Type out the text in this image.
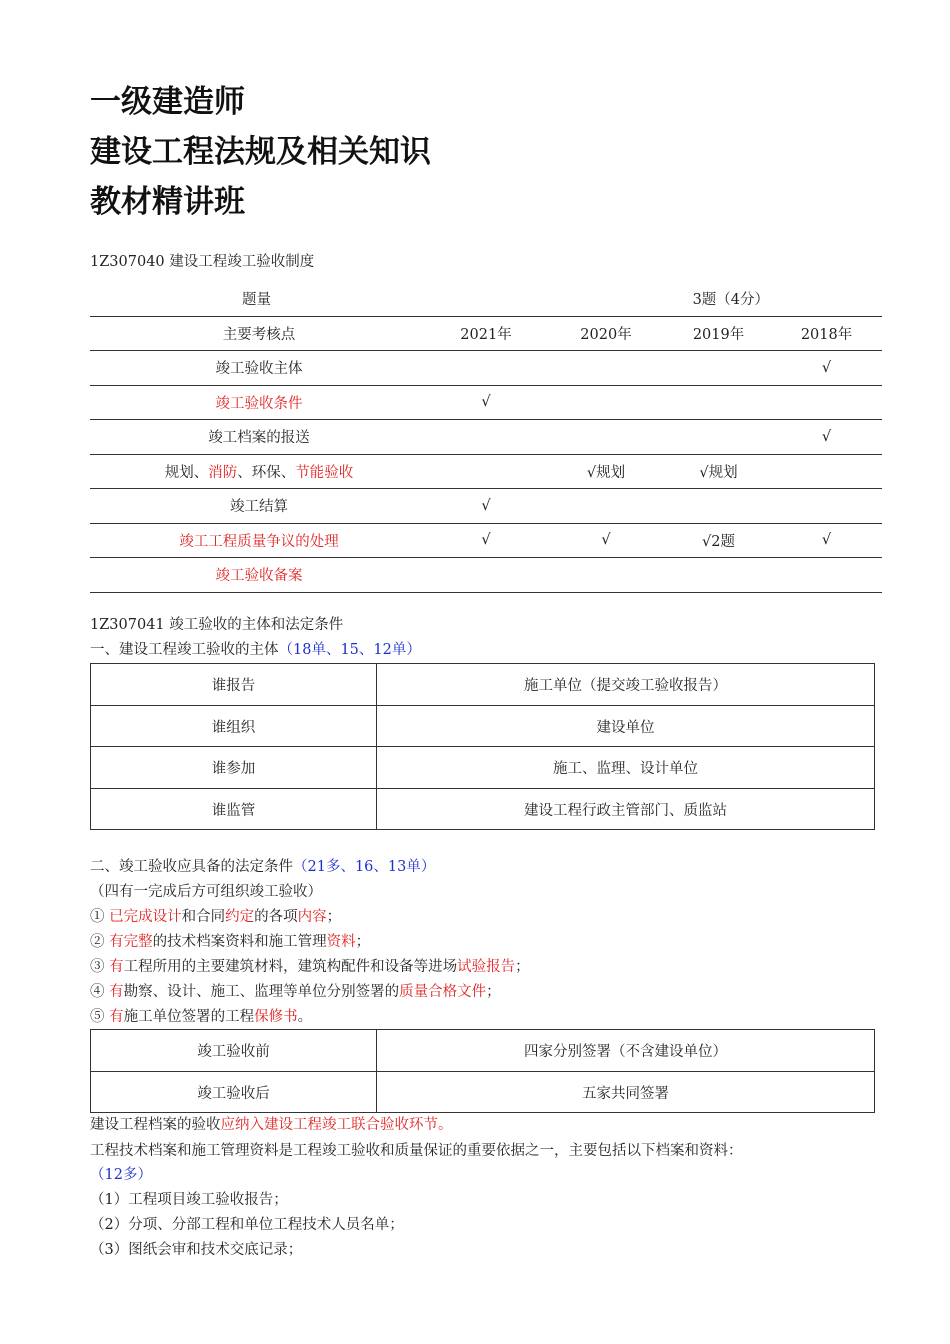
一级建造师
建设工程法规及相关知识
教材精讲班
1Z307040 建设工程竣工验收制度
题量	3题（4分）			
主要考核点	2021年	2020年	2019年	2018年
竣工验收主体				√
竣工验收条件	√			
竣工档案的报送				√
规划、消防、环保、节能验收		√规划	√规划	
竣工结算	√			
竣工工程质量争议的处理	√	√	√2题	√
竣工验收备案				
1Z307041 竣工验收的主体和法定条件
一、建设工程竣工验收的主体（18单、15、12单）
谁报告	施工单位（提交竣工验收报告）
谁组织	建设单位
谁参加	施工、监理、设计单位
谁监管	建设工程行政主管部门、质监站
二、竣工验收应具备的法定条件（21多、16、13单）
（四有一完成后方可组织竣工验收）
① 已完成设计和合同约定的各项内容；
② 有完整的技术档案资料和施工管理资料；
③ 有工程所用的主要建筑材料，建筑构配件和设备等进场试验报告；
④ 有勘察、设计、施工、监理等单位分别签署的质量合格文件；
⑤ 有施工单位签署的工程保修书。
竣工验收前	四家分别签署（不含建设单位）
竣工验收后	五家共同签署
建设工程档案的验收应纳入建设工程竣工联合验收环节。
工程技术档案和施工管理资料是工程竣工验收和质量保证的重要依据之一，主要包括以下档案和资料：
（12多）
（1）工程项目竣工验收报告；
（2）分项、分部工程和单位工程技术人员名单；
（3）图纸会审和技术交底记录；
